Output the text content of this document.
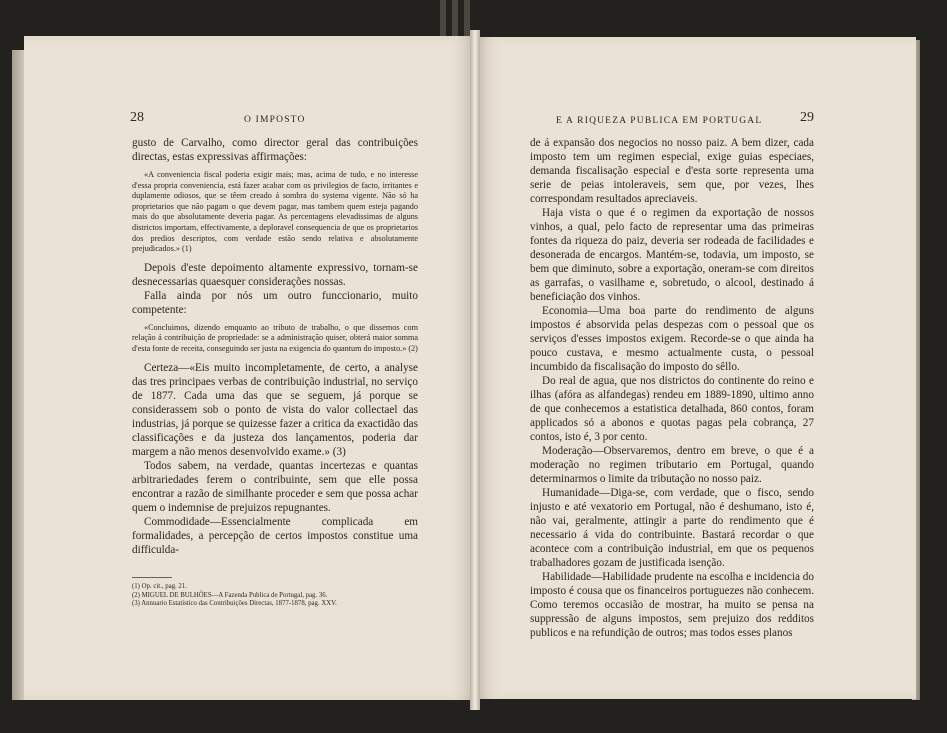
28	O IMPOSTO

gusto de Carvalho, como director geral das contribuições directas, estas expressivas affirmações:

«A conveniencia fiscal poderia exigir mais; mas, acima de tudo, e no interesse d'essa propria conveniencia, está fazer acabar com os privilegios de facto, irritantes e duplamente odiosos, que se têem creado á sombra do systema vigente. Não só ha proprietarios que não pagam o que devem pagar, mas tambem quem esteja pagando mais do que absolutamente deveria pagar. As percentagens elevadissimas de alguns districtos importam, effectivamente, a deploravel consequencia de que os proprietarios dos predios descriptos, com verdade estão sendo relativa e absolutamente prejudicados.» (1)

Depois d'este depoimento altamente expressivo, tornam-se desnecessarias quaesquer considerações nossas.

Falla ainda por nós um outro funccionario, muito competente:

«Concluimos, dizendo emquanto ao tributo de trabalho, o que dissemos com relação á contribuição de propriedade: se a administração quiser, obterá maior somma d'esta fonte de receita, conseguindo ser justa na exigencia do quantum do imposto.» (2)

Certeza—«Eis muito incompletamente, de certo, a analyse das tres principaes verbas de contribuição industrial, no serviço de 1877. Cada uma das que se seguem, já porque se considerassem sob o ponto de vista do valor collectael das industrias, já porque se quizesse fazer a critica da exactidão das classificações e da justeza dos lançamentos, poderia dar margem a não menos desenvolvido exame.» (3)

Todos sabem, na verdade, quantas incertezas e quantas arbitrariedades ferem o contribuinte, sem que elle possa encontrar a razão de similhante proceder e sem que possa achar quem o indemnise de prejuizos repugnantes.

Commodidade—Essencialmente complicada em formalidades, a percepção de certos impostos constitue uma difficulda-

(1) Op. cit., pag. 21.
(2) MIGUEL DE BULHÕES—A Fazenda Publica de Portugal, pag. 36.
(3) Annuario Estatistico das Contribuições Directas, 1877-1878, pag. XXV.
E A RIQUEZA PUBLICA EM PORTUGAL	29

de á expansão dos negocios no nosso paiz. A bem dizer, cada imposto tem um regimen especial, exige guias especiaes, demanda fiscalisação especial e d'esta sorte representa uma serie de peias intoleraveis, sem que, por vezes, lhes correspondam resultados apreciaveis.

Haja vista o que é o regimen da exportação de nossos vinhos, a qual, pelo facto de representar uma das primeiras fontes da riqueza do paiz, deveria ser rodeada de facilidades e desonerada de encargos. Mantém-se, todavia, um imposto, se bem que diminuto, sobre a exportação, oneram-se com direitos as garrafas, o vasilhame e, sobretudo, o alcool, destinado á beneficiação dos vinhos.

Economia—Uma boa parte do rendimento de alguns impostos é absorvida pelas despezas com o pessoal que os serviços d'esses impostos exigem. Recorde-se o que ainda ha pouco custava, e mesmo actualmente custa, o pessoal incumbido da fiscalisação do imposto do sêllo.

Do real de agua, que nos districtos do continente do reino e ilhas (afóra as alfandegas) rendeu em 1889-1890, ultimo anno de que conhecemos a estatistica detalhada, 860 contos, foram applicados só a abonos e quotas pagas pela cobrança, 27 contos, isto é, 3 por cento.

Moderação—Observaremos, dentro em breve, o que é a moderação no regimen tributario em Portugal, quando determinarmos o limite da tributação no nosso paiz.

Humanidade—Diga-se, com verdade, que o fisco, sendo injusto e até vexatorio em Portugal, não é deshumano, isto é, não vai, geralmente, attingir a parte do rendimento que é necessario á vida do contribuinte. Bastará recordar o que acontece com a contribuição industrial, em que os pequenos trabalhadores gozam de justificada isenção.

Habilidade—Habilidade prudente na escolha e incidencia do imposto é cousa que os financeiros portuguezes não conhecem. Como teremos occasião de mostrar, ha muito se pensa na suppressão de alguns impostos, sem prejuizo dos redditos publicos e na refundição de outros; mas todos esses planos
